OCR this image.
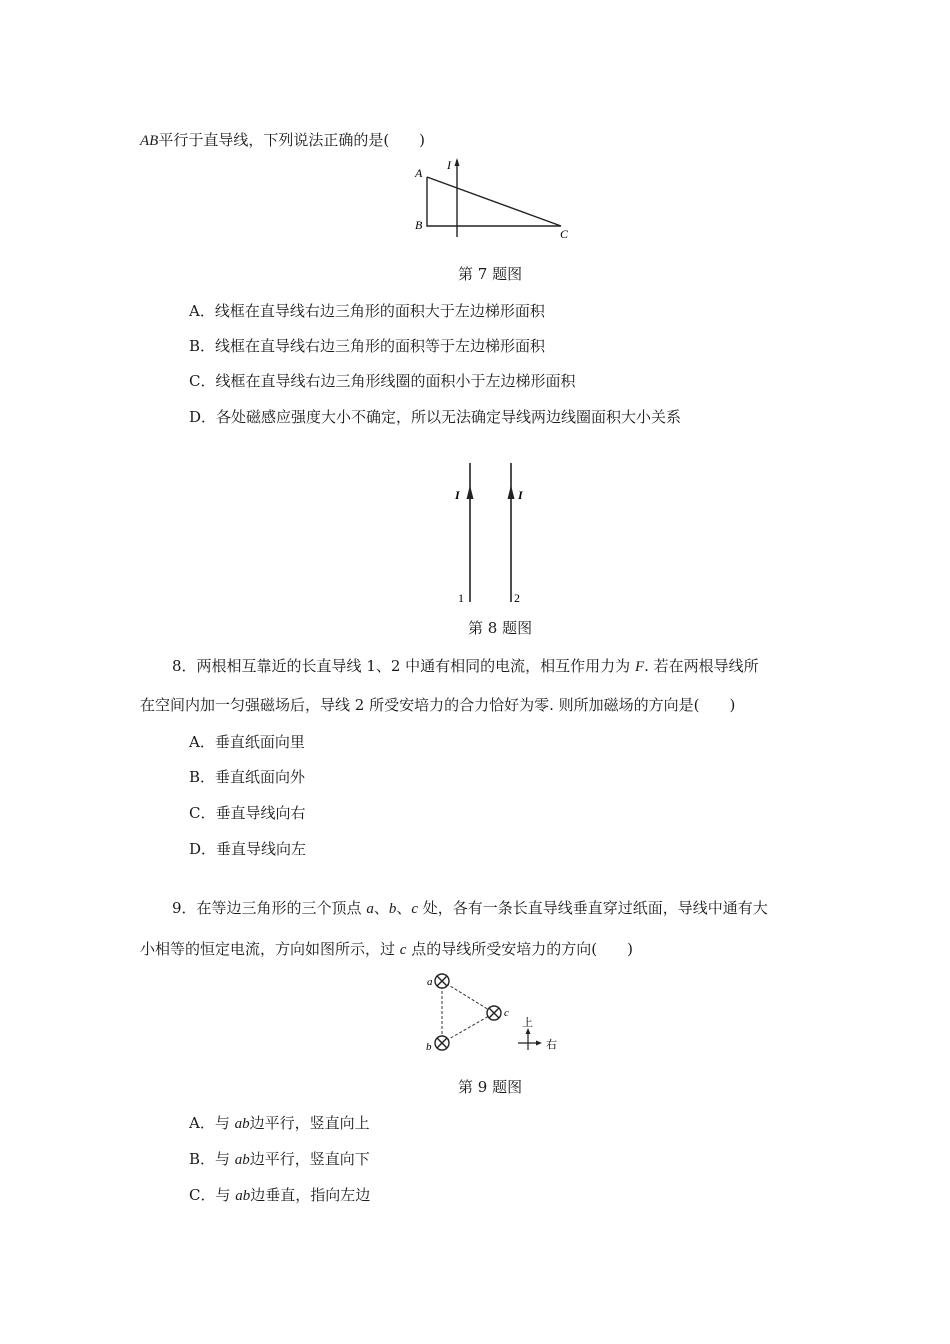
AB平行于直导线，下列说法正确的是(　　)
I
A
B
C
第 7 题图
A．线框在直导线右边三角形的面积大于左边梯形面积
B．线框在直导线右边三角形的面积等于左边梯形面积
C．线框在直导线右边三角形线圈的面积小于左边梯形面积
D．各处磁感应强度大小不确定，所以无法确定导线两边线圈面积大小关系
I	I
1	2
第 8 题图
8．两根相互靠近的长直导线 1、2 中通有相同的电流，相互作用力为 F. 若在两根导线所
在空间内加一匀强磁场后，导线 2 所受安培力的合力恰好为零. 则所加磁场的方向是(　　)
A．垂直纸面向里
B．垂直纸面向外
C．垂直导线向右
D．垂直导线向左
9．在等边三角形的三个顶点 a、b、c 处，各有一条长直导线垂直穿过纸面，导线中通有大
小相等的恒定电流，方向如图所示，过 c 点的导线所受安培力的方向(　　)
a
b
c
上
右
第 9 题图
A．与 ab边平行，竖直向上
B．与 ab边平行，竖直向下
C．与 ab边垂直，指向左边
